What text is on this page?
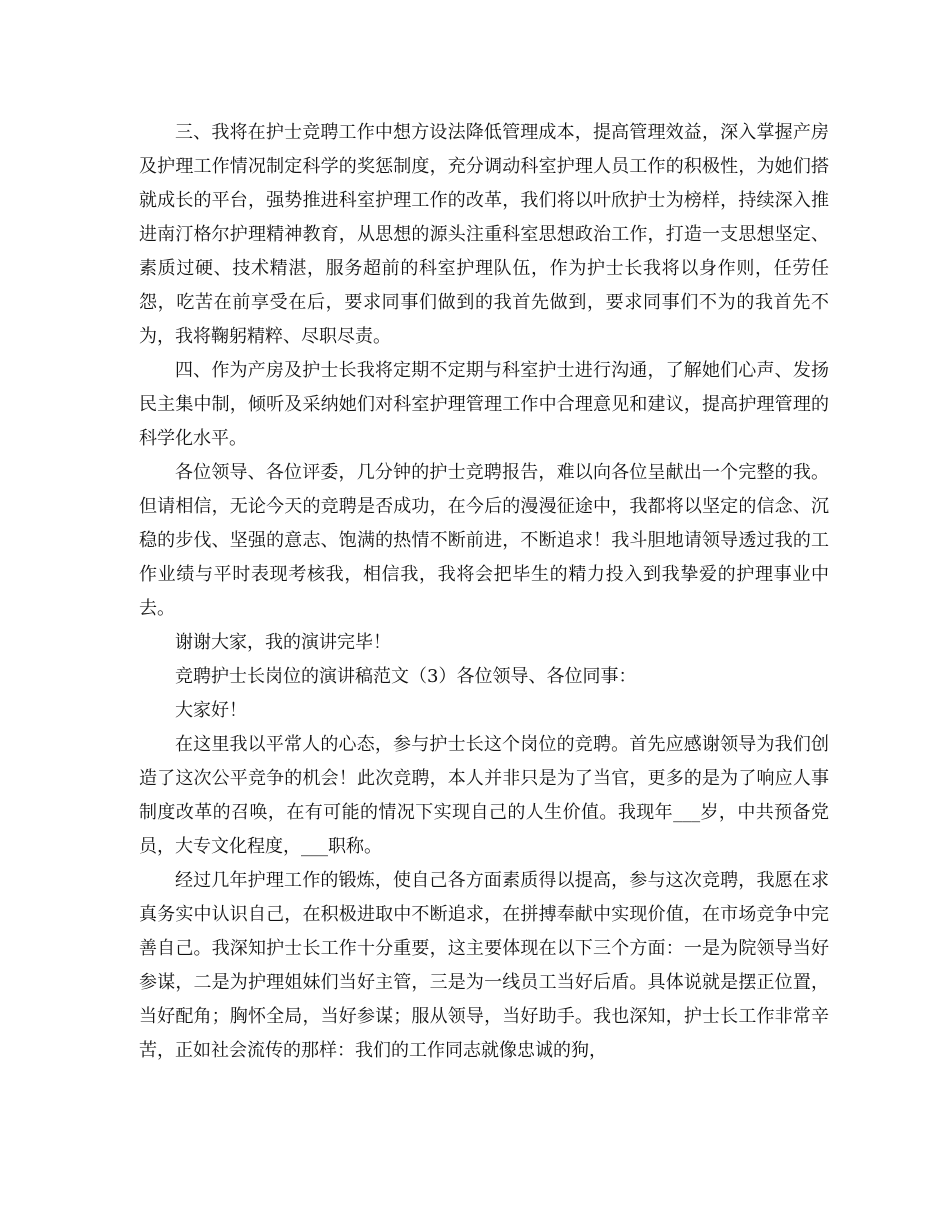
三、我将在护士竞聘工作中想方设法降低管理成本，提高管理效益，深入掌握产房及护理工作情况制定科学的奖惩制度，充分调动科室护理人员工作的积极性，为她们搭就成长的平台，强势推进科室护理工作的改革，我们将以叶欣护士为榜样，持续深入推进南汀格尔护理精神教育，从思想的源头注重科室思想政治工作，打造一支思想坚定、素质过硬、技术精湛，服务超前的科室护理队伍，作为护士长我将以身作则，任劳任怨，吃苦在前享受在后，要求同事们做到的我首先做到，要求同事们不为的我首先不为，我将鞠躬精粹、尽职尽责。

四、作为产房及护士长我将定期不定期与科室护士进行沟通，了解她们心声、发扬民主集中制，倾听及采纳她们对科室护理管理工作中合理意见和建议，提高护理管理的科学化水平。

各位领导、各位评委，几分钟的护士竞聘报告，难以向各位呈献出一个完整的我。但请相信，无论今天的竞聘是否成功，在今后的漫漫征途中，我都将以坚定的信念、沉稳的步伐、坚强的意志、饱满的热情不断前进，不断追求！我斗胆地请领导透过我的工作业绩与平时表现考核我，相信我，我将会把毕生的精力投入到我挚爱的护理事业中去。

谢谢大家，我的演讲完毕！

竞聘护士长岗位的演讲稿范文（3）各位领导、各位同事：

大家好！

在这里我以平常人的心态，参与护士长这个岗位的竞聘。首先应感谢领导为我们创造了这次公平竞争的机会！此次竞聘，本人并非只是为了当官，更多的是为了响应人事制度改革的召唤，在有可能的情况下实现自己的人生价值。我现年___岁，中共预备党员，大专文化程度，___职称。

经过几年护理工作的锻炼，使自己各方面素质得以提高，参与这次竞聘，我愿在求真务实中认识自己，在积极进取中不断追求，在拼搏奉献中实现价值，在市场竞争中完善自己。我深知护士长工作十分重要，这主要体现在以下三个方面：一是为院领导当好参谋，二是为护理姐妹们当好主管，三是为一线员工当好后盾。具体说就是摆正位置，当好配角；胸怀全局，当好参谋；服从领导，当好助手。我也深知，护士长工作非常辛苦，正如社会流传的那样：我们的工作同志就像忠诚的狗，
